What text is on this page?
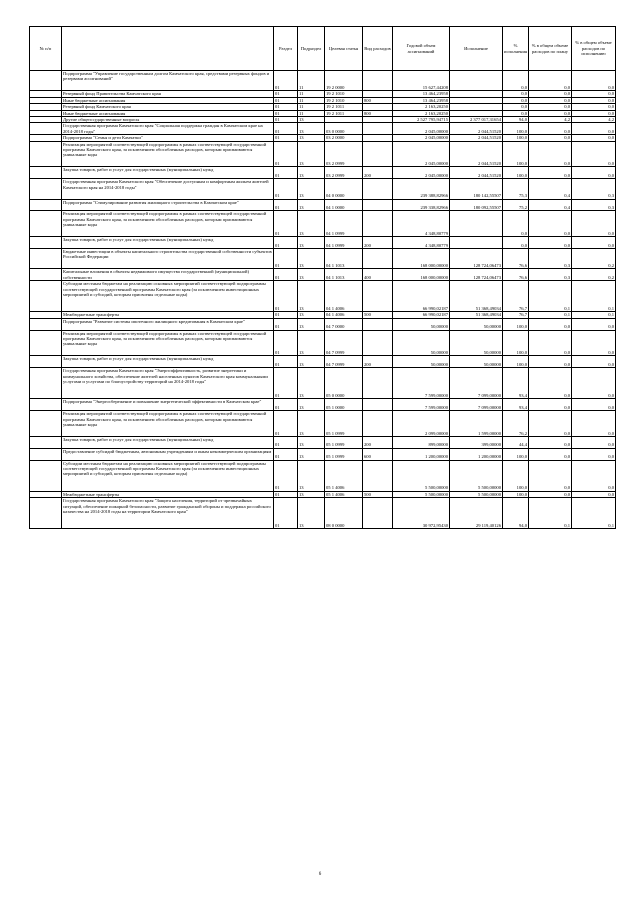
№ п/п		Раздел	Подраздел	Целевая статья	Вид расходов	Годовой объем ассигнований	Исполнение	% исполнения	% в общем объеме расходов по плану	% в общем объеме расходов по исполнению
	Подпрограмма "Управление государственным долгом Камчатского края, средствами резервных фондов и резервами ассигнований"	01	11	19 2 0000		15 627,44208		0,0	0,0	0,0
	Резервный фонд Правительства Камчатского края	01	11	19 2 1010		13 464,23958		0,0	0,0	0,0
	Иные бюджетные ассигнования	01	11	19 2 1010	800	13 464,23958		0,0	0,0	0,0
	Резервный фонд Камчатского края	01	11	19 2 1011		2 163,20250		0,0	0,0	0,0
	Иные бюджетные ассигнования	01	11	19 2 1011	800	2 163,20250		0,0	0,0	0,0
	Другие общегосударственные вопросы	01	13			2 527 795,94715	2 377 017,31654	94,0	4,2	4,2
	Государственная программа Камчатского края "Социальная поддержка граждан в Камчатском крае на 2014-2018 годы"	01	13	03 0 0000		2 045,00000	2 044,51520	100,0	0,0	0,0
	Подпрограмма "Семья и дети Камчатки"	01	13	03 2 0000		2 045,00000	2 044,51520	100,0	0,0	0,0
	Реализация мероприятий соответствующей подпрограммы в рамках соответствующей государственной программы Камчатского края, за исключением обособленных расходов, которым присваиваются уникальные коды	01	13	03 2 0999		2 045,00000	2 044,51520	100,0	0,0	0,0
	Закупка товаров, работ и услуг для государственных (муниципальных) нужд	01	13	03 2 0999	200	2 045,00000	2 044,51520	100,0	0,0	0,0
	Государственная программа Камчатского края "Обеспечение доступным и комфортным жильем жителей Камчатского края на 2014-2018 годы"	01	13	04 0 0000		239 388,82966	180 142,55507	75,3	0,4	0,3
	Подпрограмма "Стимулирование развития жилищного строительства в Камчатском крае"	01	13	04 1 0000		239 338,82966	180 092,55507	75,2	0,4	0,3
	Реализация мероприятий соответствующей подпрограммы в рамках соответствующей государственной программы Камчатского края, за исключением обособленных расходов, которым присваиваются уникальные коды	01	13	04 1 0999		4 348,80779		0,0	0,0	0,0
	Закупка товаров, работ и услуг для государственных (муниципальных) нужд	01	13	04 1 0999	200	4 348,80779		0,0	0,0	0,0
	Бюджетные инвестиции в объекты капитального строительства государственной собственности субъектов Российской Федерации	01	13	04 1 1013		168 000,00000	128 724,06473	76,6	0,3	0,2
	Капитальные вложения в объекты недвижимого имущества государственной (муниципальной) собственности	01	13	04 1 1013	400	168 000,00000	128 724,06473	76,6	0,3	0,2
	Субсидии местным бюджетам на реализацию основных мероприятий соответствующей подпрограммы соответствующей государственной программы Камчатского края (за исключением инвестиционных мероприятий и субсидий, которым присвоены отдельные коды)	01	13	04 1 4006		66 990,02187	51 368,49034	76,7	0,1	0,1
	Межбюджетные трансферты	01	13	04 1 4006	500	66 990,02187	51 368,49034	76,7	0,1	0,1
	Подпрограмма "Развитие системы ипотечного жилищного кредитования в Камчатском крае"	01	13	04 7 0000		50,00000	50,00000	100,0	0,0	0,0
	Реализация мероприятий соответствующей подпрограммы в рамках соответствующей государственной программы Камчатского края, за исключением обособленных расходов, которым присваиваются уникальные коды	01	13	04 7 0999		50,00000	50,00000	100,0	0,0	0,0
	Закупка товаров, работ и услуг для государственных (муниципальных) нужд	01	13	04 7 0999	200	50,00000	50,00000	100,0	0,0	0,0
	Государственная программа Камчатского края "Энергоэффективность, развитие энергетики и коммунального хозяйства, обеспечение жителей населенных пунктов Камчатского края коммунальными услугами и услугами по благоустройству территорий на 2014-2018 годы"	01	13	05 0 0000		7 599,00000	7 099,00000	93,4	0,0	0,0
	Подпрограмма "Энергосбережение и повышение энергетической эффективности в Камчатском крае"	01	13	05 1 0000		7 599,00000	7 099,00000	93,4	0,0	0,0
	Реализация мероприятий соответствующей подпрограммы в рамках соответствующей государственной программы Камчатского края, за исключением обособленных расходов, которым присваиваются уникальные коды	01	13	05 1 0999		2 099,00000	1 599,00000	76,2	0,0	0,0
	Закупка товаров, работ и услуг для государственных (муниципальных) нужд	01	13	05 1 0999	200	899,00000	399,00000	44,4	0,0	0,0
	Предоставление субсидий бюджетным, автономным учреждениям и иным некоммерческим организациям	01	13	05 1 0999	600	1 200,00000	1 200,00000	100,0	0,0	0,0
	Субсидии местным бюджетам на реализацию основных мероприятий соответствующей подпрограммы соответствующей государственной программы Камчатского края (за исключением инвестиционных мероприятий и субсидий, которым присвоены отдельные коды)	01	13	05 1 4006		5 500,00000	5 500,00000	100,0	0,0	0,0
	Межбюджетные трансферты	01	13	05 1 4006	500	5 500,00000	5 500,00000	100,0	0,0	0,0
	Государственная программа Камчатского края "Защита населения, территорий от чрезвычайных ситуаций, обеспечение пожарной безопасности, развитие гражданской обороны и поддержка российского казачества на 2014-2018 годы на территории Камчатского края"	01	13	08 0 0000		30 972,95430	29 119,40126	94,0	0,1	0,1
6
